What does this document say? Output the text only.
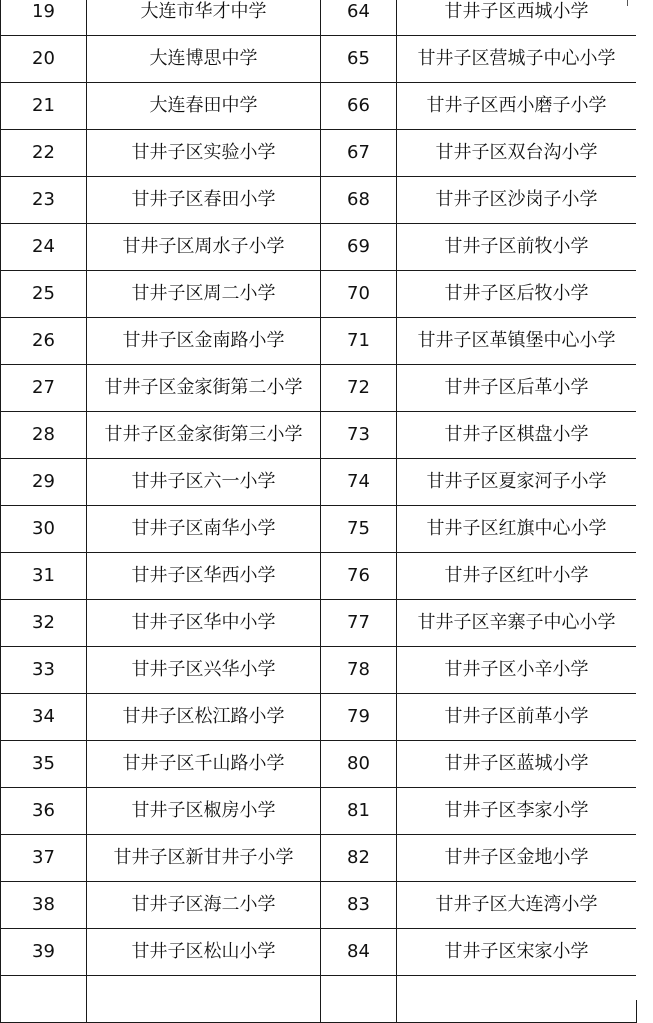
19	大连市华才中学	64	甘井子区西城小学
20	大连博思中学	65	甘井子区营城子中心小学
21	大连春田中学	66	甘井子区西小磨子小学
22	甘井子区实验小学	67	甘井子区双台沟小学
23	甘井子区春田小学	68	甘井子区沙岗子小学
24	甘井子区周水子小学	69	甘井子区前牧小学
25	甘井子区周二小学	70	甘井子区后牧小学
26	甘井子区金南路小学	71	甘井子区革镇堡中心小学
27	甘井子区金家街第二小学	72	甘井子区后革小学
28	甘井子区金家街第三小学	73	甘井子区棋盘小学
29	甘井子区六一小学	74	甘井子区夏家河子小学
30	甘井子区南华小学	75	甘井子区红旗中心小学
31	甘井子区华西小学	76	甘井子区红叶小学
32	甘井子区华中小学	77	甘井子区辛寨子中心小学
33	甘井子区兴华小学	78	甘井子区小辛小学
34	甘井子区松江路小学	79	甘井子区前革小学
35	甘井子区千山路小学	80	甘井子区蓝城小学
36	甘井子区椒房小学	81	甘井子区李家小学
37	甘井子区新甘井子小学	82	甘井子区金地小学
38	甘井子区海二小学	83	甘井子区大连湾小学
39	甘井子区松山小学	84	甘井子区宋家小学
